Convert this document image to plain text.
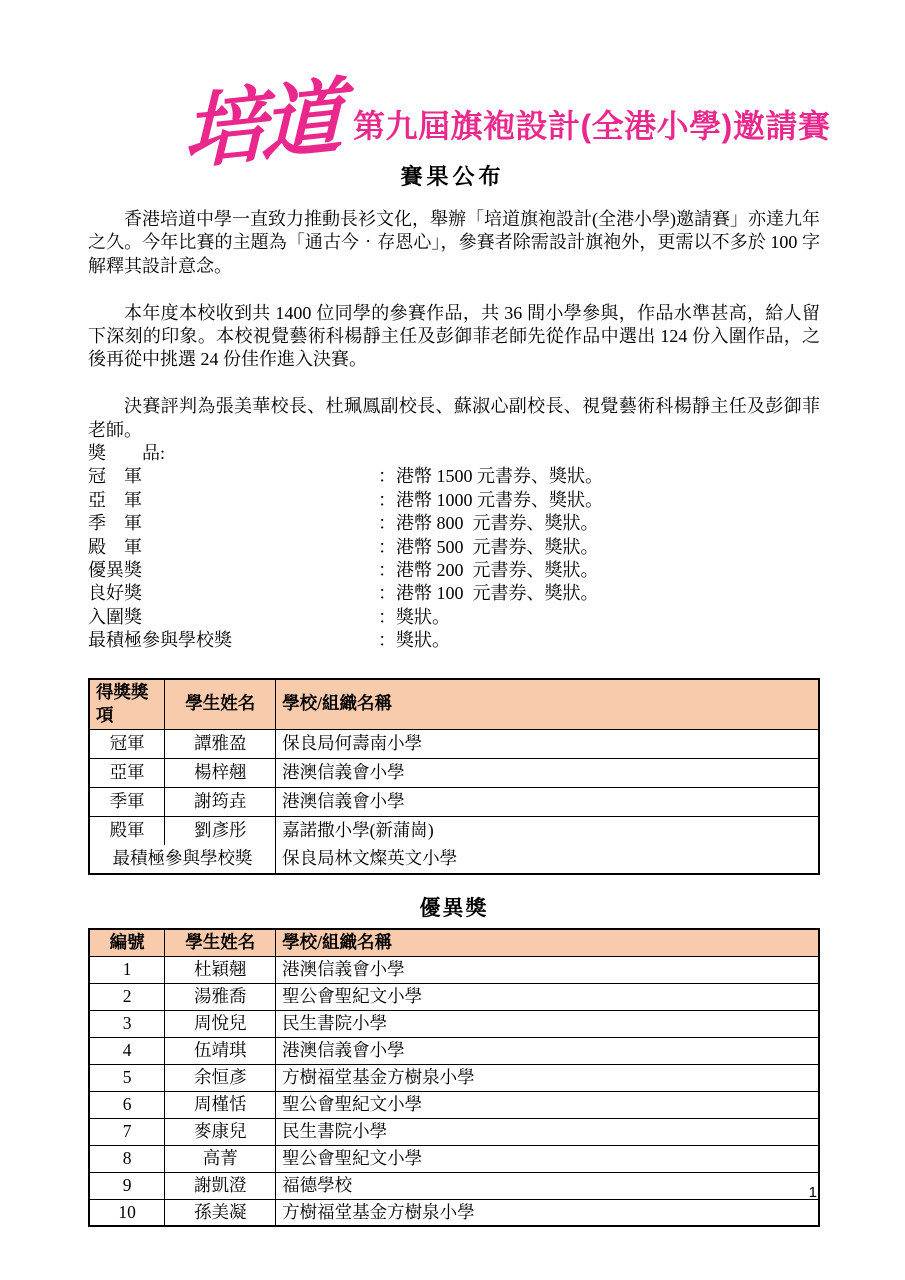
培道 第九屆旗袍設計(全港小學)邀請賽
賽果公布

香港培道中學一直致力推動長衫文化，舉辦「培道旗袍設計(全港小學)邀請賽」亦達九年之久。今年比賽的主題為「通古今‧存恩心」，參賽者除需設計旗袍外，更需以不多於 100 字解釋其設計意念。

本年度本校收到共 1400 位同學的參賽作品，共 36 間小學參與，作品水準甚高，給人留下深刻的印象。本校視覺藝術科楊靜主任及彭御菲老師先從作品中選出 124 份入圍作品，之後再從中挑選 24 份佳作進入決賽。

決賽評判為張美華校長、杜珮鳳副校長、蘇淑心副校長、視覺藝術科楊靜主任及彭御菲老師。

獎　　品:
冠　軍	：港幣 1500 元書券、獎狀。
亞　軍	：港幣 1000 元書券、獎狀。
季　軍	：港幣 800  元書券、獎狀。
殿　軍	：港幣 500  元書券、獎狀。
優異獎	：港幣 200  元書券、獎狀。
良好獎	：港幣 100  元書券、獎狀。
入圍獎	：獎狀。
最積極參與學校獎	：獎狀。
得獎獎項	學生姓名	學校/組織名稱
冠軍	譚雅盈	保良局何壽南小學
亞軍	楊梓翹	港澳信義會小學
季軍	謝筠垚	港澳信義會小學
殿軍	劉彥彤	嘉諾撒小學(新蒲崗)
最積極參與學校獎		保良局林文燦英文小學
優異獎
編號	學生姓名	學校/組織名稱
1	杜穎翹	港澳信義會小學
2	湯雅喬	聖公會聖紀文小學
3	周悅兒	民生書院小學
4	伍靖琪	港澳信義會小學
5	余恒彥	方樹福堂基金方樹泉小學
6	周槿恬	聖公會聖紀文小學
7	麥康兒	民生書院小學
8	高菁	聖公會聖紀文小學
9	謝凱澄	福德學校
10	孫美凝	方樹福堂基金方樹泉小學
1
